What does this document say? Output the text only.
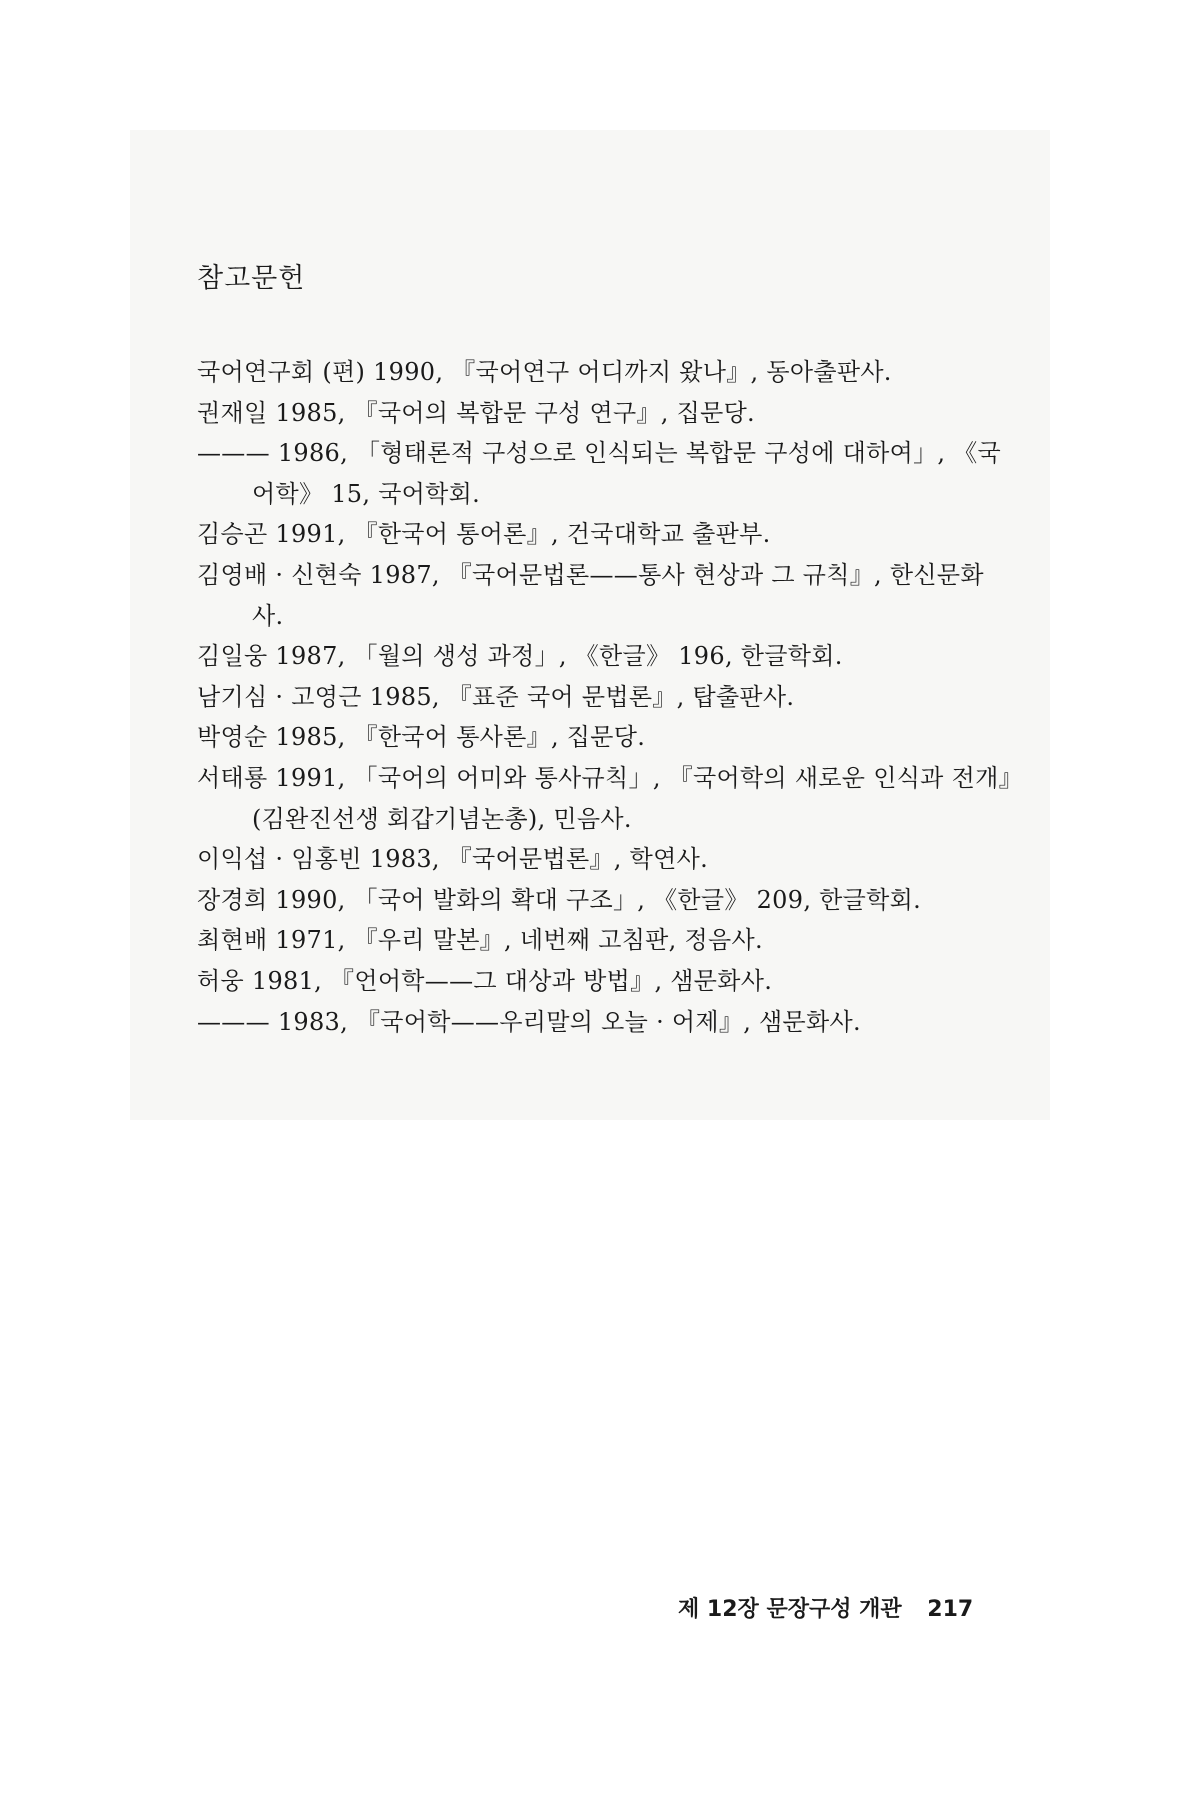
참고문헌
국어연구회 (편) 1990, 『국어연구 어디까지 왔나』, 동아출판사.
권재일 1985, 『국어의 복합문 구성 연구』, 집문당.
——— 1986, 「형태론적 구성으로 인식되는 복합문 구성에 대하여」, 《국
어학》 15, 국어학회.
김승곤 1991, 『한국어 통어론』, 건국대학교 출판부.
김영배 · 신현숙 1987, 『국어문법론——통사 현상과 그 규칙』, 한신문화
사.
김일웅 1987, 「월의 생성 과정」, 《한글》 196, 한글학회.
남기심 · 고영근 1985, 『표준 국어 문법론』, 탑출판사.
박영순 1985, 『한국어 통사론』, 집문당.
서태룡 1991, 「국어의 어미와 통사규칙」, 『국어학의 새로운 인식과 전개』
(김완진선생 회갑기념논총), 민음사.
이익섭 · 임홍빈 1983, 『국어문법론』, 학연사.
장경희 1990, 「국어 발화의 확대 구조」, 《한글》 209, 한글학회.
최현배 1971, 『우리 말본』, 네번째 고침판, 정음사.
허웅 1981, 『언어학——그 대상과 방법』, 샘문화사.
——— 1983, 『국어학——우리말의 오늘 · 어제』, 샘문화사.
제 12장 문장구성 개관 217
